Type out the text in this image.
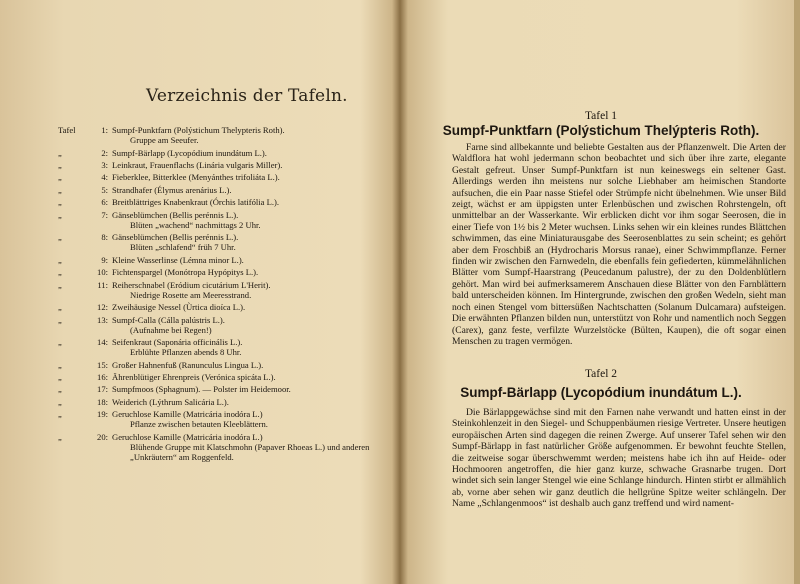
Verzeichnis der Tafeln.
Tafel	1: Sumpf-Punktfarn (Polýstichum Thelypteris Roth).
Gruppe am Seeufer.
„	2: Sumpf-Bärlapp (Lycopódium inundátum L.).
„	3: Leinkraut, Frauenflachs (Linária vulgaris Miller).
„	4: Fieberklee, Bitterklee (Menyánthes trifoliáta L.).
„	5: Strandhafer (Élymus arenárius L.).
„	6: Breitblättriges Knabenkraut (Órchis latifólia L.).
„	7: Gänseblümchen (Bellis perénnis L.).
Blüten „wachend“ nachmittags 2 Uhr.
„	8: Gänseblümchen (Bellis perénnis L.).
Blüten „schlafend“ früh 7 Uhr.
„	9: Kleine Wasserlinse (Lémna minor L.).
„	10: Fichtenspargel (Monótropa Hypópitys L.).
„	11: Reiherschnabel (Eródium cicutárium L'Herit).
Niedrige Rosette am Meeresstrand.
„	12: Zweihäusige Nessel (Ùrtica dioíca L.).
„	13: Sumpf-Calla (Cálla palústris L.).
(Aufnahme bei Regen!)
„	14: Seifenkraut (Saponária officinális L.).
Erblühte Pflanzen abends 8 Uhr.
„	15: Großer Hahnenfuß (Ranunculus Lingua L.).
„	16: Ährenblütiger Ehrenpreis (Verónica spicáta L.).
„	17: Sumpfmoos (Sphagnum). — Polster im Heidemoor.
„	18: Weiderich (Lýthrum Salicária L.).
„	19: Geruchlose Kamille (Matricária inodóra L.)
Pflanze zwischen betauten Kleeblättern.
„	20: Geruchlose Kamille (Matricária inodóra L.)
Blühende Gruppe mit Klatschmohn (Papaver Rhoeas L.) und anderen „Unkräutern“ am Roggenfeld.
Tafel 1
Sumpf-Punktfarn (Polýstichum Thelýpteris Roth).
Farne sind allbekannte und beliebte Gestalten aus der Pflanzenwelt. Die Arten der Waldflora hat wohl jedermann schon beobachtet und sich über ihre zarte, elegante Gestalt gefreut. Unser Sumpf-Punktfarn ist nun keineswegs ein seltener Gast. Allerdings werden ihn meistens nur solche Liebhaber am heimischen Standorte aufsuchen, die ein Paar nasse Stiefel oder Strümpfe nicht übelnehmen. Wie unser Bild zeigt, wächst er am üppigsten unter Erlenbüschen und zwischen Rohrstengeln, oft unmittelbar an der Wasserkante. Wir erblicken dicht vor ihm sogar Seerosen, die in einer Tiefe von 1½ bis 2 Meter wuchsen. Links sehen wir ein kleines rundes Blättchen schwimmen, das eine Miniaturausgabe des Seerosenblattes zu sein scheint; es gehört aber dem Froschbiß an (Hydrocharis Morsus ranae), einer Schwimmpflanze. Ferner finden wir zwischen den Farnwedeln, die ebenfalls fein gefiederten, kümmelähnlichen Blätter vom Sumpf-Haarstrang (Peucedanum palustre), der zu den Doldenblütlern gehört. Man wird bei aufmerksamerem Anschauen diese Blätter von den Farnblättern bald unterscheiden können. Im Hintergrunde, zwischen den großen Wedeln, sieht man noch einen Stengel vom bittersüßen Nachtschatten (Solanum Dulcamara) aufsteigen. Die erwähnten Pflanzen bilden nun, unterstützt von Rohr und namentlich noch Seggen (Carex), ganz feste, verfilzte Wurzelstöcke (Bülten, Kaupen), die oft sogar einen Menschen zu tragen vermögen.
Tafel 2
Sumpf-Bärlapp (Lycopódium inundátum L.).
Die Bärlappgewächse sind mit den Farnen nahe verwandt und hatten einst in der Steinkohlenzeit in den Siegel- und Schuppenbäumen riesige Vertreter. Unsere heutigen europäischen Arten sind dagegen die reinen Zwerge. Auf unserer Tafel sehen wir den Sumpf-Bärlapp in fast natürlicher Größe aufgenommen. Er bewohnt feuchte Stellen, die zeitweise sogar überschwemmt werden; meistens habe ich ihn auf Heide- oder Hochmooren angetroffen, die hier ganz kurze, schwache Grasnarbe trugen. Dort windet sich sein langer Stengel wie eine Schlange hindurch. Hinten stirbt er allmählich ab, vorne aber sehen wir ganz deutlich die hellgrüne Spitze weiter schlängeln. Der Name „Schlangenmoos“ ist deshalb auch ganz treffend und wird nament-
